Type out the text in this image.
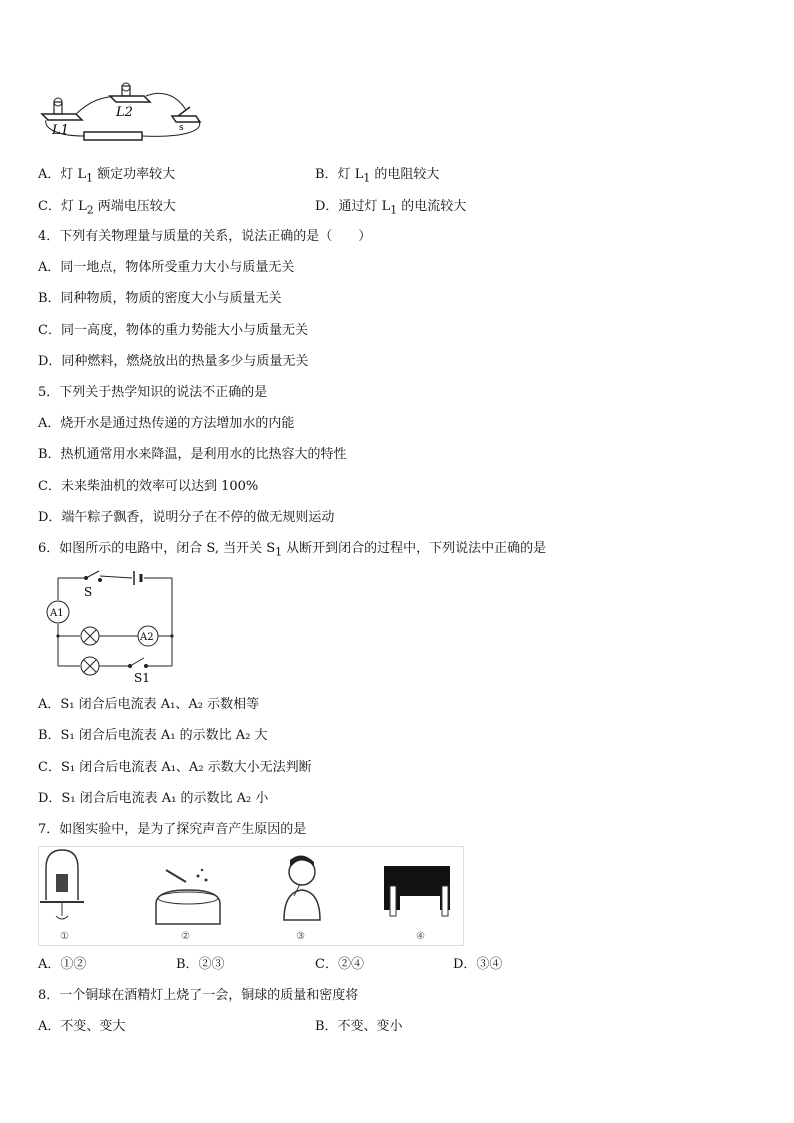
L1
L2
s
A．灯 $L_1$ 额定功率较大	B．灯 $L_1$ 的电阻较大
C．灯 $L_2$ 两端电压较大	D．通过灯 $L_1$ 的电流较大
4．下列有关物理量与质量的关系，说法正确的是（　　）
A．同一地点，物体所受重力大小与质量无关
B．同种物质，物质的密度大小与质量无关
C．同一高度，物体的重力势能大小与质量无关
D．同种燃料，燃烧放出的热量多少与质量无关
5．下列关于热学知识的说法不正确的是
A．烧开水是通过热传递的方法增加水的内能
B．热机通常用水来降温，是利用水的比热容大的特性
C．未来柴油机的效率可以达到 100%
D．端午粽子飘香，说明分子在不停的做无规则运动
6．如图所示的电路中，闭合 S, 当开关 $S_1$ 从断开到闭合的过程中，下列说法中正确的是
A1
A2
S
S1
A．S₁ 闭合后电流表 A₁、A₂ 示数相等
B．S₁ 闭合后电流表 A₁ 的示数比 A₂ 大
C．S₁ 闭合后电流表 A₁、A₂ 示数大小无法判断
D．S₁ 闭合后电流表 A₁ 的示数比 A₂ 小
7．如图实验中，是为了探究声音产生原因的是
①	②	③	④
A．①②	B．②③	C．②④	D．③④
8．一个铜球在酒精灯上烧了一会，铜球的质量和密度将
A．不变、变大	B．不变、变小
